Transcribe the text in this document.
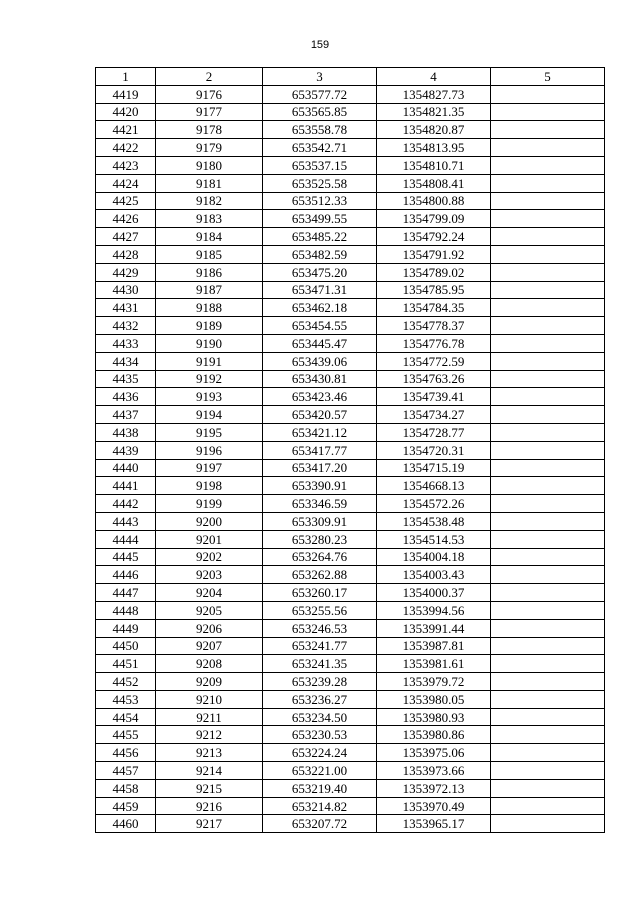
159
1	2	3	4	5
4419	9176	653577.72	1354827.73	
4420	9177	653565.85	1354821.35	
4421	9178	653558.78	1354820.87	
4422	9179	653542.71	1354813.95	
4423	9180	653537.15	1354810.71	
4424	9181	653525.58	1354808.41	
4425	9182	653512.33	1354800.88	
4426	9183	653499.55	1354799.09	
4427	9184	653485.22	1354792.24	
4428	9185	653482.59	1354791.92	
4429	9186	653475.20	1354789.02	
4430	9187	653471.31	1354785.95	
4431	9188	653462.18	1354784.35	
4432	9189	653454.55	1354778.37	
4433	9190	653445.47	1354776.78	
4434	9191	653439.06	1354772.59	
4435	9192	653430.81	1354763.26	
4436	9193	653423.46	1354739.41	
4437	9194	653420.57	1354734.27	
4438	9195	653421.12	1354728.77	
4439	9196	653417.77	1354720.31	
4440	9197	653417.20	1354715.19	
4441	9198	653390.91	1354668.13	
4442	9199	653346.59	1354572.26	
4443	9200	653309.91	1354538.48	
4444	9201	653280.23	1354514.53	
4445	9202	653264.76	1354004.18	
4446	9203	653262.88	1354003.43	
4447	9204	653260.17	1354000.37	
4448	9205	653255.56	1353994.56	
4449	9206	653246.53	1353991.44	
4450	9207	653241.77	1353987.81	
4451	9208	653241.35	1353981.61	
4452	9209	653239.28	1353979.72	
4453	9210	653236.27	1353980.05	
4454	9211	653234.50	1353980.93	
4455	9212	653230.53	1353980.86	
4456	9213	653224.24	1353975.06	
4457	9214	653221.00	1353973.66	
4458	9215	653219.40	1353972.13	
4459	9216	653214.82	1353970.49	
4460	9217	653207.72	1353965.17	
